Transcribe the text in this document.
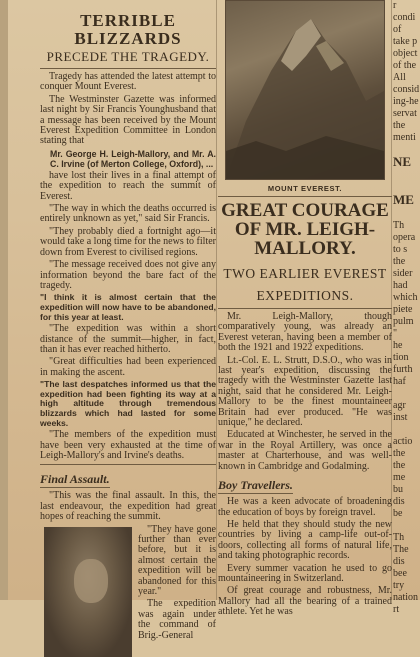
TERRIBLE BLIZZARDS
PRECEDE THE TRAGEDY.

Tragedy has attended the latest attempt to conquer Mount Everest.

The Westminster Gazette was informed last night by Sir Francis Younghusband that a message has been received by the Mount Everest Expedition Committee in London stating that

Mr. George H. Leigh-Mallory, and Mr. A. C. Irvine (of Merton College, Oxford), ...

have lost their lives in a final attempt of the expedition to reach the summit of Everest.

"The way in which the deaths occurred is entirely unknown as yet," said Sir Francis.

"They probably died a fortnight ago—it would take a long time for the news to filter down from Everest to civilised regions.

"The message received does not give any information beyond the bare fact of the tragedy.

"I think it is almost certain that the expedition will now have to be abandoned, for this year at least.

"The expedition was within a short distance of the summit—higher, in fact, than it has ever reached hitherto.

"Great difficulties had been experienced in making the ascent.

"The last despatches informed us that the expedition had been fighting its way at a high altitude through tremendous blizzards which had lasted for some weeks.

"The members of the expedition must have been very exhausted at the time of Leigh-Mallory's and Irvine's deaths.

Final Assault.

"This was the final assault. In this, the last endeavour, the expedition had great hopes of reaching the summit.

"They have gone further than ever before, but it is almost certain the expedition will be abandoned for this year."

The expedition was again under the command of Brig.-General

MOUNT EVEREST.
GREAT COURAGE OF MR. LEIGH-MALLORY.
TWO EARLIER EVEREST
EXPEDITIONS.

Mr. Leigh-Mallory, though comparatively young, was already an Everest veteran, having been a member of both the 1921 and 1922 expeditions.

Lt.-Col. E. L. Strutt, D.S.O., who was in last year's expedition, discussing the tragedy with the Westminster Gazette last night, said that he considered Mr. Leigh-Mallory to be the finest mountaineer Britain had ever produced. "He was unique," he declared.

Educated at Winchester, he served in the war in the Royal Artillery, was once a master at Charterhouse, and was well-known in Cambridge and Godalming.

Boy Travellers.

He was a keen advocate of broadening the education of boys by foreign travel.

He held that they should study the new countries by living a camp-life out-of-doors, collecting all forms of natural life, and taking photographic records.

Every summer vacation he used to go mountaineering in Switzerland.

Of great courage and robustness, Mr. Mallory had all the bearing of a trained athlete. Yet he was

r
condi
of
take p
object
of the
All
consid
ing-he
servat
the
menti

NE

ME

Th
opera
to s
the
sider
had
which
piete
pulm
"
he
tion
furth
haf

agr
inst

actio
the
the
me
bu
dis
be

Th
The
dis
bee
try
nation
rt
